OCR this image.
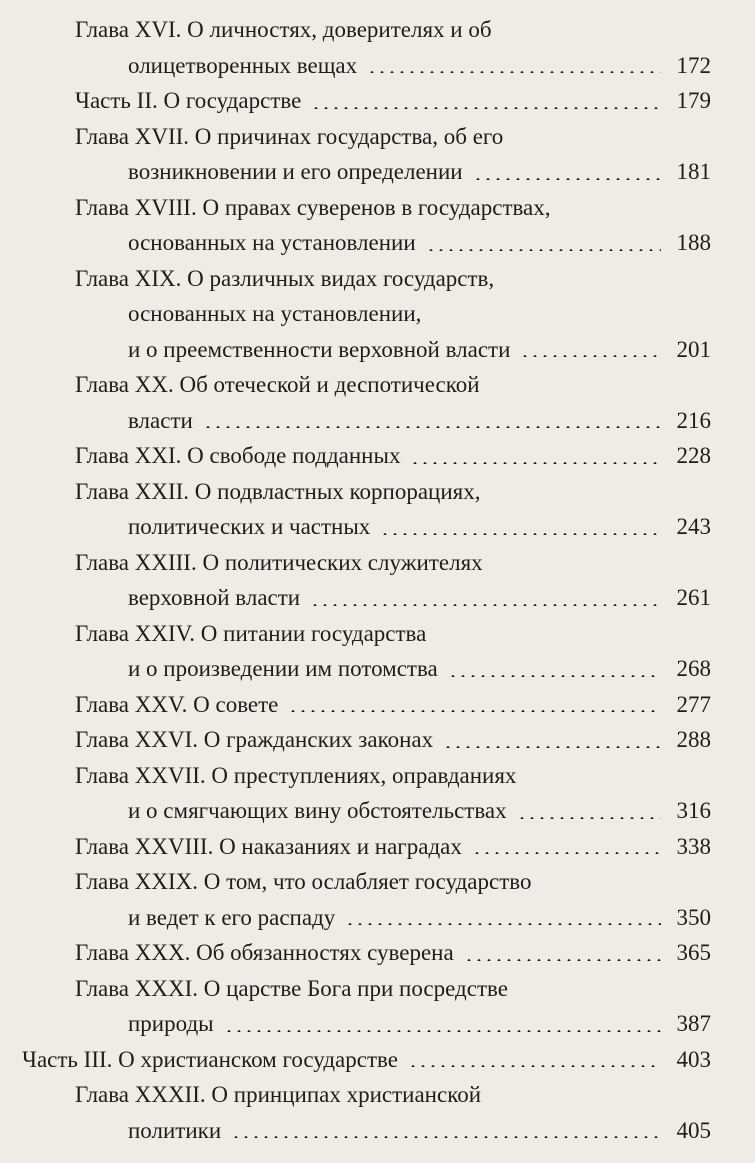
Глава XVI. О личностях, доверителях и об
олицетворенных вещах	172
Часть II. О государстве	179
Глава XVII. О причинах государства, об его
возникновении и его определении	181
Глава XVIII. О правах суверенов в государствах,
основанных на установлении	188
Глава XIX. О различных видах государств,
основанных на установлении,
и о преемственности верховной власти	201
Глава XX. Об отеческой и деспотической
власти	216
Глава XXI. О свободе подданных	228
Глава XXII. О подвластных корпорациях,
политических и частных	243
Глава XXIII. О политических служителях
верховной власти	261
Глава XXIV. О питании государства
и о произведении им потомства	268
Глава XXV. О совете	277
Глава XXVI. О гражданских законах	288
Глава XXVII. О преступлениях, оправданиях
и о смягчающих вину обстоятельствах	316
Глава XXVIII. О наказаниях и наградах	338
Глава XXIX. О том, что ослабляет государство
и ведет к его распаду	350
Глава XXX. Об обязанностях суверена	365
Глава XXXI. О царстве Бога при посредстве
природы	387
Часть III. О христианском государстве	403
Глава XXXII. О принципах христианской
политики	405
